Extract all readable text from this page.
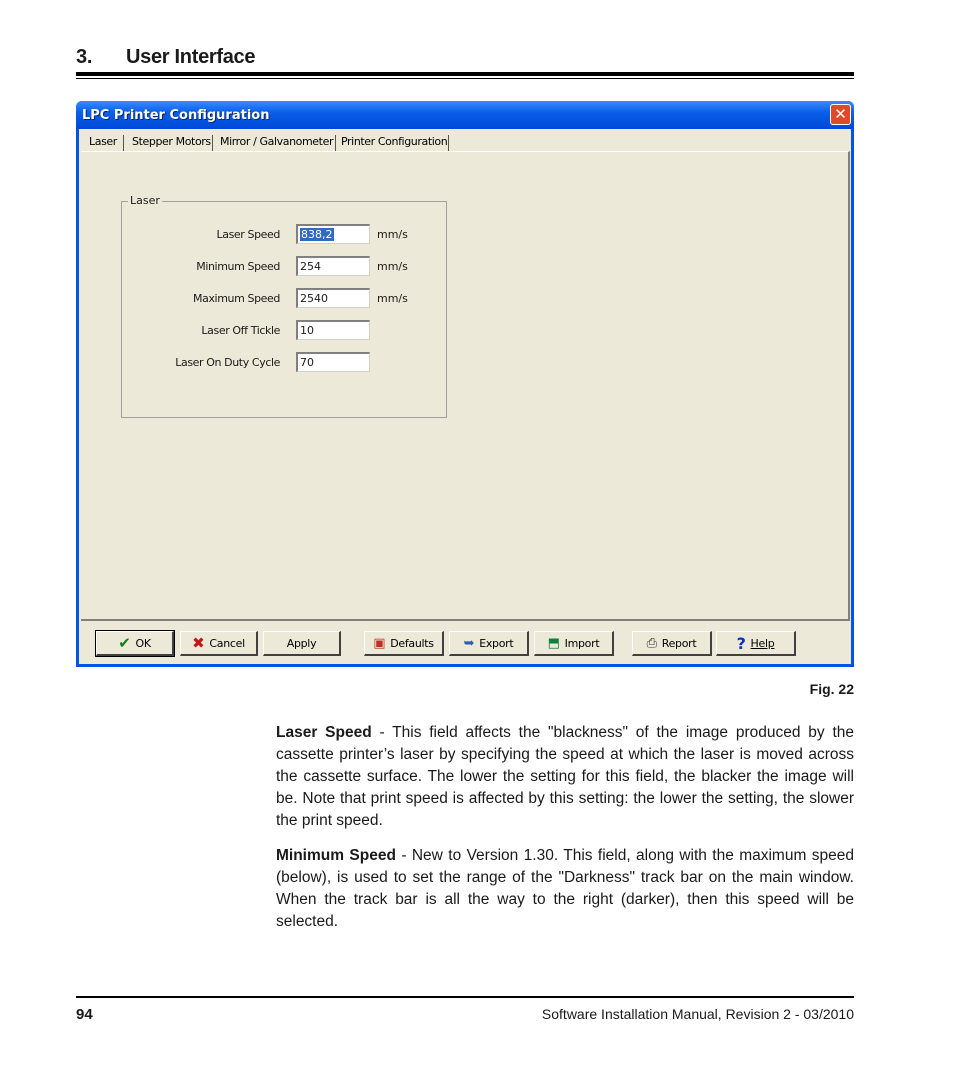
3. User Interface
LPC Printer Configuration	✕
Laser	Stepper Motors Mirror / Galvanometer Printer Configuration
Laser
Laser Speed	838,2	mm/s
Minimum Speed	254	mm/s
Maximum Speed	2540	mm/s
Laser Off Tickle	10
Laser On Duty Cycle	70
✔ OK	✖ Cancel	Apply	▣ Defaults ➥ Export	⬒ Import	⎙ Report	? Help
Fig. 22
Laser Speed - This field affects the "blackness" of the image produced by the cassette printer’s laser by specifying the speed at which the laser is moved across the cassette surface. The lower the setting for this field, the blacker the image will be. Note that print speed is affected by this setting: the lower the setting, the slower the print speed.
Minimum Speed - New to Version 1.30. This field, along with the maximum speed (below), is used to set the range of the "Darkness" track bar on the main window. When the track bar is all the way to the right (darker), then this speed will be selected.
94	Software Installation Manual, Revision 2 - 03/2010
